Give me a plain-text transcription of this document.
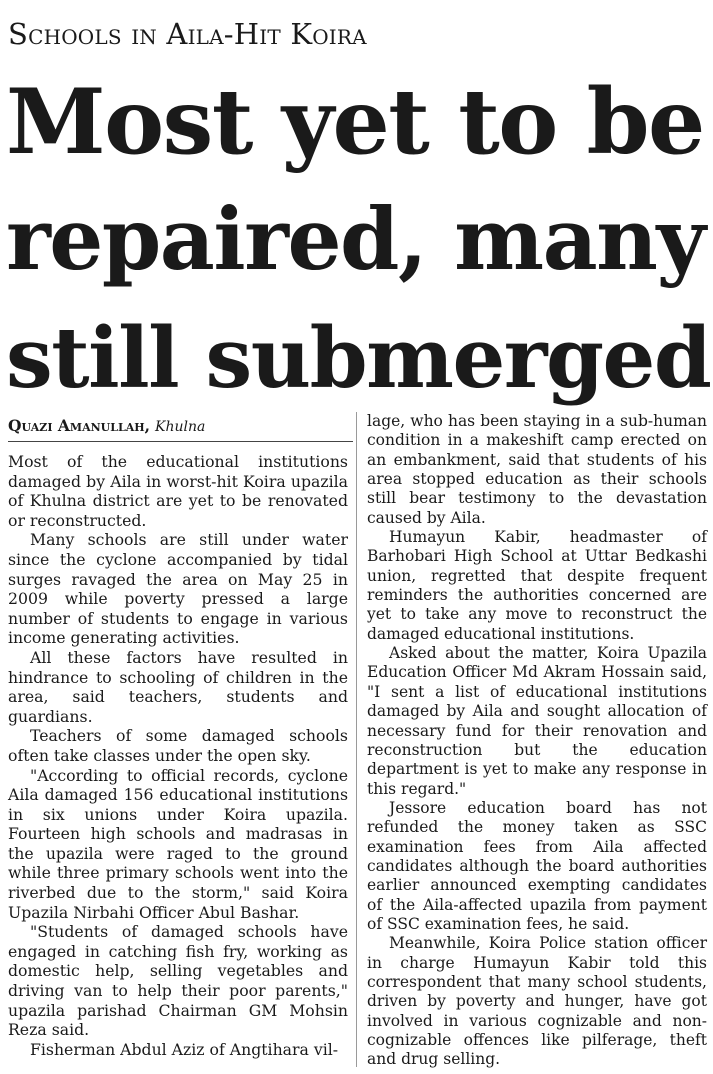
Schools in Aila-Hit Koira
Most yet to be
repaired, many
still submerged
Quazi Amanullah, Khulna

Most of the educational institutions damaged by Aila in worst-hit Koira upazila of Khulna district are yet to be renovated or reconstructed.

Many schools are still under water since the cyclone accompanied by tidal surges ravaged the area on May 25 in 2009 while poverty pressed a large number of students to engage in various income generating activities.

All these factors have resulted in hindrance to schooling of children in the area, said teachers, students and guardians.

Teachers of some damaged schools often take classes under the open sky.

"According to official records, cyclone Aila damaged 156 educational institutions in six unions under Koira upazila. Fourteen high schools and madrasas in the upazila were raged to the ground while three primary schools went into the riverbed due to the storm," said Koira Upazila Nirbahi Officer Abul Bashar.

"Students of damaged schools have engaged in catching fish fry, working as domestic help, selling vegetables and driving van to help their poor parents," upazila parishad Chairman GM Mohsin Reza said.

Fisherman Abdul Aziz of Angtihara vil-

lage, who has been staying in a sub-human condition in a makeshift camp erected on an embankment, said that students of his area stopped education as their schools still bear testimony to the devastation caused by Aila.

Humayun Kabir, headmaster of Barhobari High School at Uttar Bedkashi union, regretted that despite frequent reminders the authorities concerned are yet to take any move to reconstruct the damaged educational institutions.

Asked about the matter, Koira Upazila Education Officer Md Akram Hossain said, "I sent a list of educational institutions damaged by Aila and sought allocation of necessary fund for their renovation and reconstruction but the education department is yet to make any response in this regard."

Jessore education board has not refunded the money taken as SSC examination fees from Aila affected candidates although the board authorities earlier announced exempting candidates of the Aila-affected upazila from payment of SSC examination fees, he said.

Meanwhile, Koira Police station officer in charge Humayun Kabir told this correspondent that many school students, driven by poverty and hunger, have got involved in various cognizable and non-cognizable offences like pilferage, theft and drug selling.
